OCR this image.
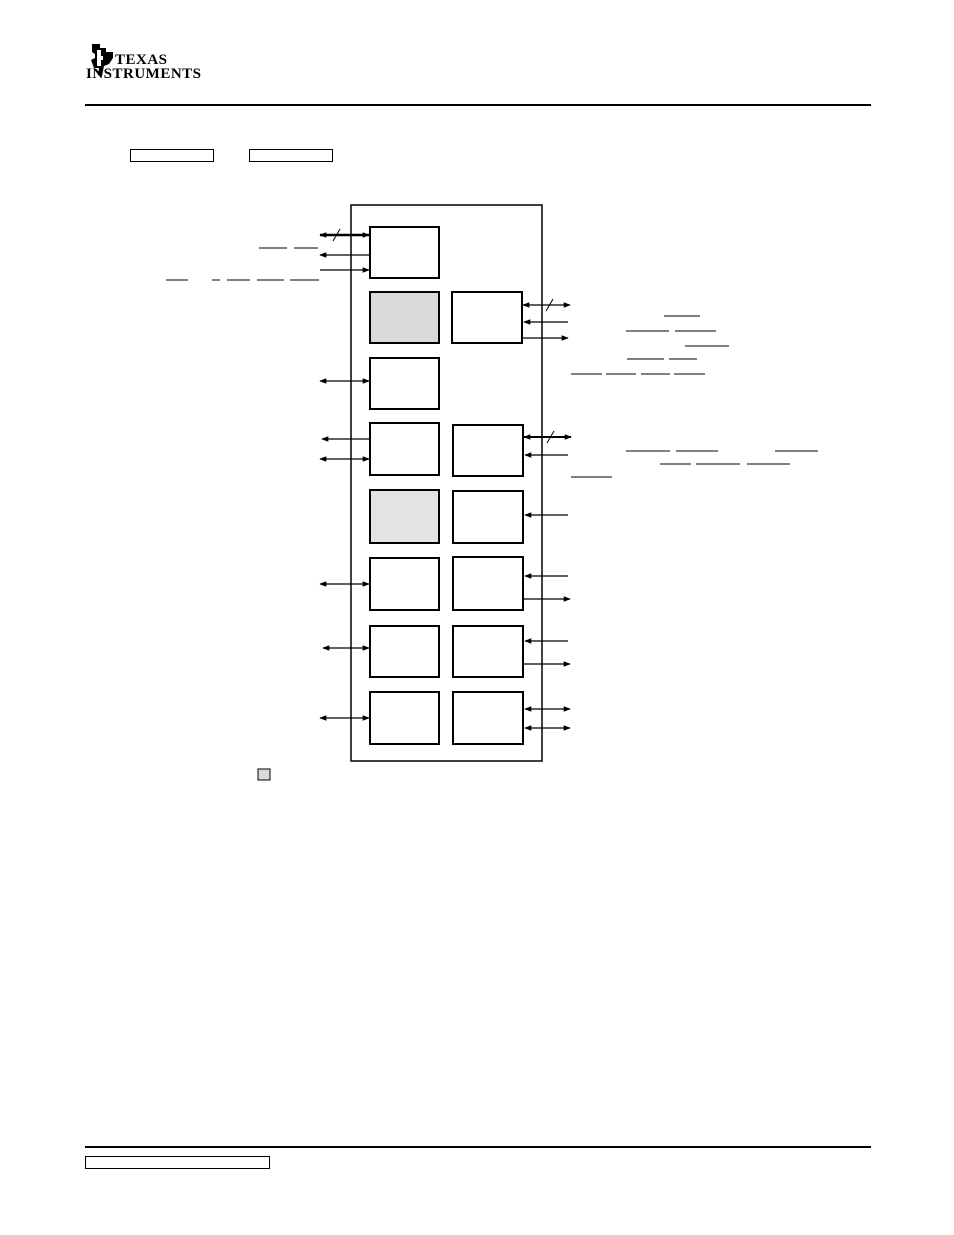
TEXAS
INSTRUMENTS
